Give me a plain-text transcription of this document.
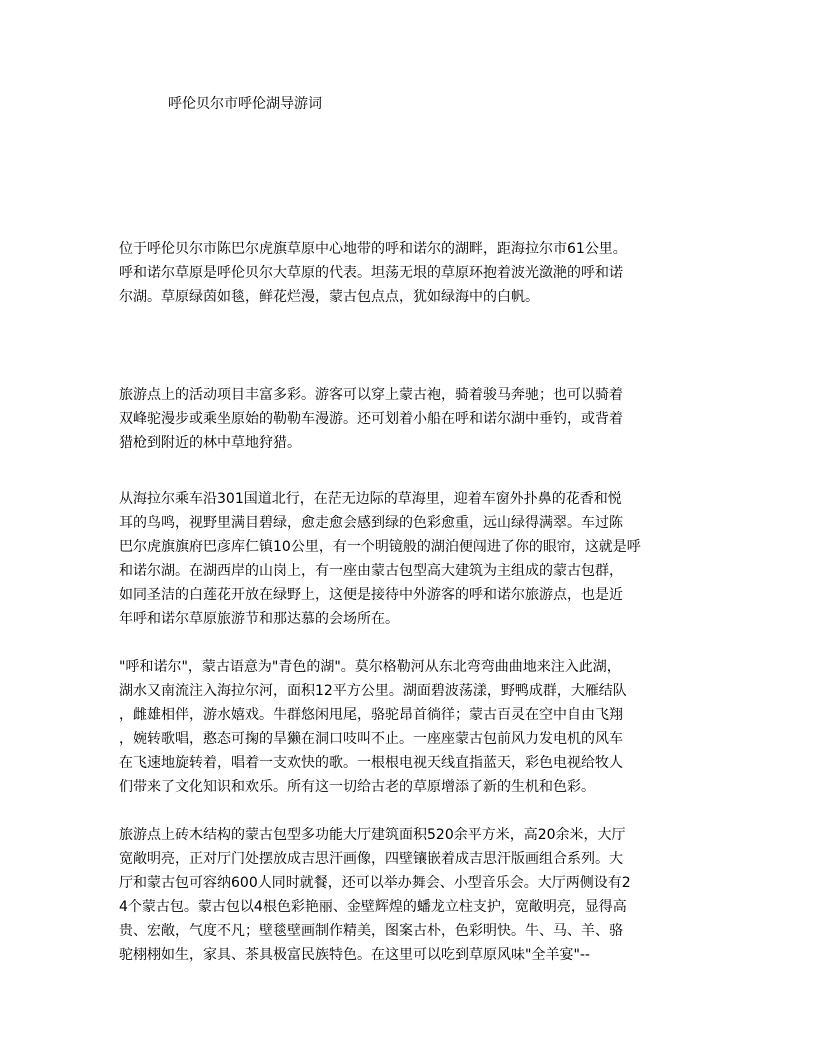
呼伦贝尔市呼伦湖导游词
位于呼伦贝尔市陈巴尔虎旗草原中心地带的呼和诺尔的湖畔，距海拉尔市61公里。
呼和诺尔草原是呼伦贝尔大草原的代表。坦荡无垠的草原环抱着波光潋滟的呼和诺
尔湖。草原绿茵如毯，鲜花烂漫，蒙古包点点，犹如绿海中的白帆。
旅游点上的活动项目丰富多彩。游客可以穿上蒙古袍，骑着骏马奔驰；也可以骑着
双峰驼漫步或乘坐原始的勒勒车漫游。还可划着小船在呼和诺尔湖中垂钓，或背着
猎枪到附近的林中草地狩猎。
从海拉尔乘车沿301国道北行，在茫无边际的草海里，迎着车窗外扑鼻的花香和悦
耳的鸟鸣，视野里满目碧绿，愈走愈会感到绿的色彩愈重，远山绿得满翠。车过陈
巴尔虎旗旗府巴彦库仁镇10公里，有一个明镜般的湖泊便闯进了你的眼帘，这就是呼
和诺尔湖。在湖西岸的山岗上，有一座由蒙古包型高大建筑为主组成的蒙古包群，
如同圣洁的白莲花开放在绿野上，这便是接待中外游客的呼和诺尔旅游点，也是近
年呼和诺尔草原旅游节和那达慕的会场所在。
"呼和诺尔"，蒙古语意为"青色的湖"。莫尔格勒河从东北弯弯曲曲地来注入此湖，
湖水又南流注入海拉尔河，面积12平方公里。湖面碧波荡漾，野鸭成群，大雁结队
，雌雄相伴，游水嬉戏。牛群悠闲甩尾，骆驼昂首徜徉；蒙古百灵在空中自由飞翔
，婉转歌唱，憨态可掬的旱獭在洞口吱叫不止。一座座蒙古包前风力发电机的风车
在飞速地旋转着，唱着一支欢快的歌。一根根电视天线直指蓝天，彩色电视给牧人
们带来了文化知识和欢乐。所有这一切给古老的草原增添了新的生机和色彩。
旅游点上砖木结构的蒙古包型多功能大厅建筑面积520余平方米，高20余米，大厅
宽敞明亮，正对厅门处摆放成吉思汗画像，四壁镶嵌着成吉思汗版画组合系列。大
厅和蒙古包可容纳600人同时就餐，还可以举办舞会、小型音乐会。大厅两侧设有2
4个蒙古包。蒙古包以4根色彩艳丽、金壁辉煌的蟠龙立柱支护，宽敞明亮，显得高
贵、宏敞，气度不凡；壁毯壁画制作精美，图案古朴，色彩明快。牛、马、羊、骆
驼栩栩如生，家具、茶具极富民族特色。在这里可以吃到草原风味"全羊宴"--
